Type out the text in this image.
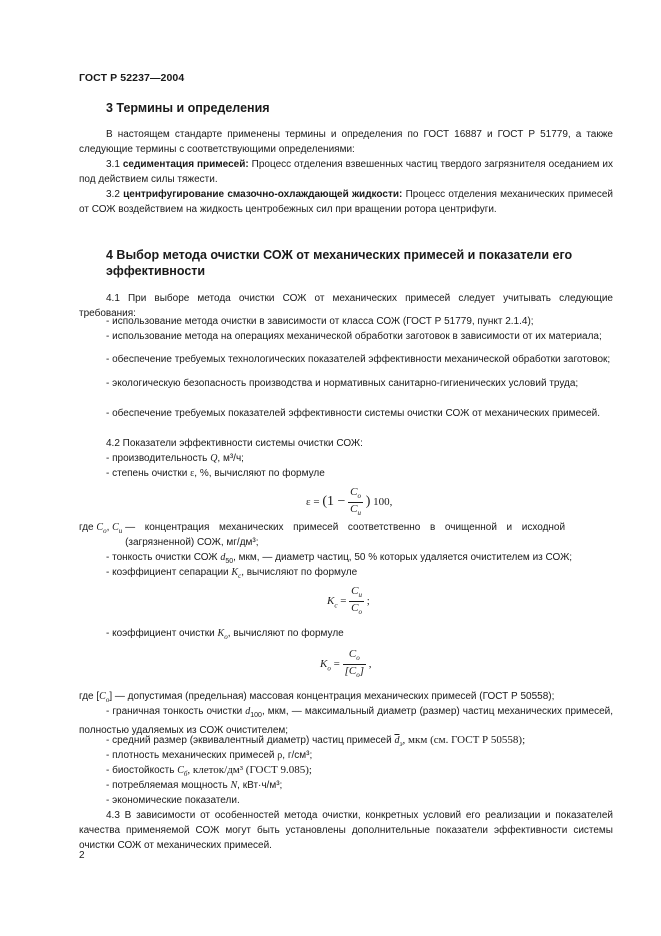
ГОСТ Р 52237—2004
3 Термины и определения

В настоящем стандарте применены термины и определения по ГОСТ 16887 и ГОСТ Р 51779, а также следующие термины с соответствующими определениями:

3.1 седиментация примесей: Процесс отделения взвешенных частиц твердого загрязнителя оседанием их под действием силы тяжести.

3.2 центрифугирование смазочно-охлаждающей жидкости: Процесс отделения механических примесей от СОЖ воздействием на жидкость центробежных сил при вращении ротора центрифуги.

4 Выбор метода очистки СОЖ от механических примесей и показатели его эффективности

4.1 При выборе метода очистки СОЖ от механических примесей следует учитывать следующие требования:

- использование метода очистки в зависимости от класса СОЖ (ГОСТ Р 51779, пункт 2.1.4);

- использование метода на операциях механической обработки заготовок в зависимости от их материала;

- обеспечение требуемых технологических показателей эффективности механической обработки заготовок;

- экологическую безопасность производства и нормативных санитарно-гигиенических условий труда;

- обеспечение требуемых показателей эффективности системы очистки СОЖ от механических примесей.

4.2 Показатели эффективности системы очистки СОЖ:

- производительность Q, м³/ч;

- степень очистки ε, %, вычисляют по формуле

$\varepsilon = (1 - \frac{C_о}{C_и}$ ) 100,

где $C_о$, $C_и$ — концентрация механических примесей соответственно в очищенной и исходной (загрязненной) СОЖ, мг/дм³;

- тонкость очистки СОЖ $d_{50}$, мкм, — диаметр частиц, 50 % которых удаляется очистителем из СОЖ;

- коэффициент сепарации $K_с$, вычисляют по формуле

$K_с = \frac{C_и}{C_о}$ ;

- коэффициент очистки $K_о$, вычисляют по формуле

$K_о = \frac{C_о}{[C_о]}$ ,

где $[C_о]$ — допустимая (предельная) массовая концентрация механических примесей (ГОСТ Р 50558);

- граничная тонкость очистки $d_{100}$, мкм, — максимальный диаметр (размер) частиц механических примесей, полностью удаляемых из СОЖ очистителем;

- средний размер (эквивалентный диаметр) частиц примесей $\overline{d}_э$, мкм (см. ГОСТ Р 50558);

- плотность механических примесей ρ, г/см³;

- биостойкость $C_б$, клеток/дм³ (ГОСТ 9.085);

- потребляемая мощность N, кВт·ч/м³;

- экономические показатели.

4.3 В зависимости от особенностей метода очистки, конкретных условий его реализации и показателей качества применяемой СОЖ могут быть установлены дополнительные показатели эффективности системы очистки СОЖ от механических примесей.

2
